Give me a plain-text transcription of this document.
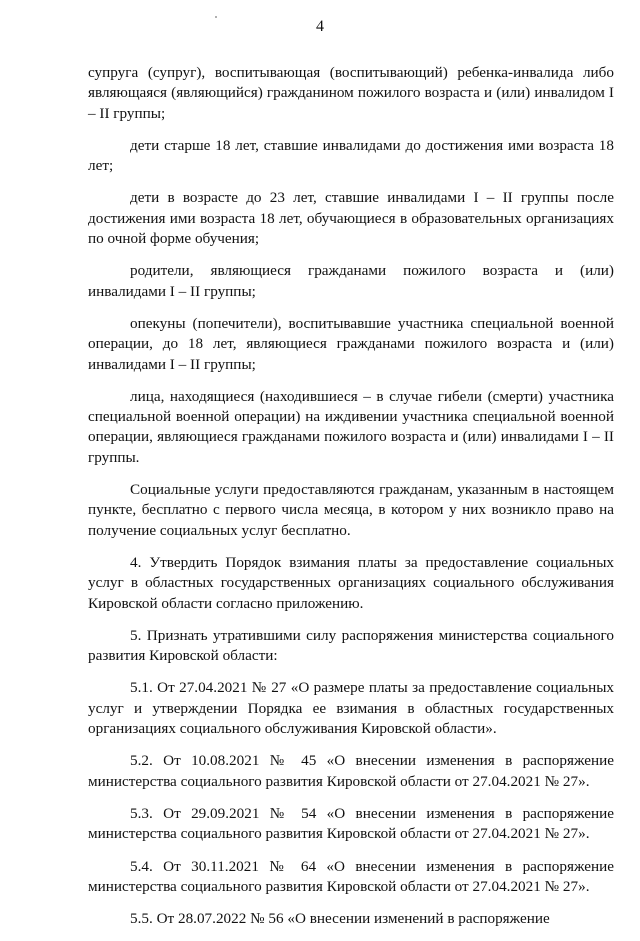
4

супруга (супруг), воспитывающая (воспитывающий) ребенка-инвалида либо являющаяся (являющийся) гражданином пожилого возраста и (или) инвалидом I – II группы;

дети старше 18 лет, ставшие инвалидами до достижения ими возраста 18 лет;

дети в возрасте до 23 лет, ставшие инвалидами I – II группы после достижения ими возраста 18 лет, обучающиеся в образовательных организациях по очной форме обучения;

родители, являющиеся гражданами пожилого возраста и (или) инвалидами I – II группы;

опекуны (попечители), воспитывавшие участника специальной военной операции, до 18 лет, являющиеся гражданами пожилого возраста и (или) инвалидами I – II группы;

лица, находящиеся (находившиеся – в случае гибели (смерти) участника специальной военной операции) на иждивении участника специальной военной операции, являющиеся гражданами пожилого возраста и (или) инвалидами I – II группы.

Социальные услуги предоставляются гражданам, указанным в настоящем пункте, бесплатно с первого числа месяца, в котором у них возникло право на получение социальных услуг бесплатно.

4. Утвердить Порядок взимания платы за предоставление социальных услуг в областных государственных организациях социального обслуживания Кировской области согласно приложению.

5. Признать утратившими силу распоряжения министерства социального развития Кировской области:

5.1. От 27.04.2021 № 27 «О размере платы за предоставление социальных услуг и утверждении Порядка ее взимания в областных государственных организациях социального обслуживания Кировской области».

5.2. От 10.08.2021 № 45 «О внесении изменения в распоряжение министерства социального развития Кировской области от 27.04.2021 № 27».

5.3. От 29.09.2021 № 54 «О внесении изменения в распоряжение министерства социального развития Кировской области от 27.04.2021 № 27».

5.4. От 30.11.2021 № 64 «О внесении изменения в распоряжение министерства социального развития Кировской области от 27.04.2021 № 27».

5.5. От 28.07.2022 № 56 «О внесении изменений в распоряжение
